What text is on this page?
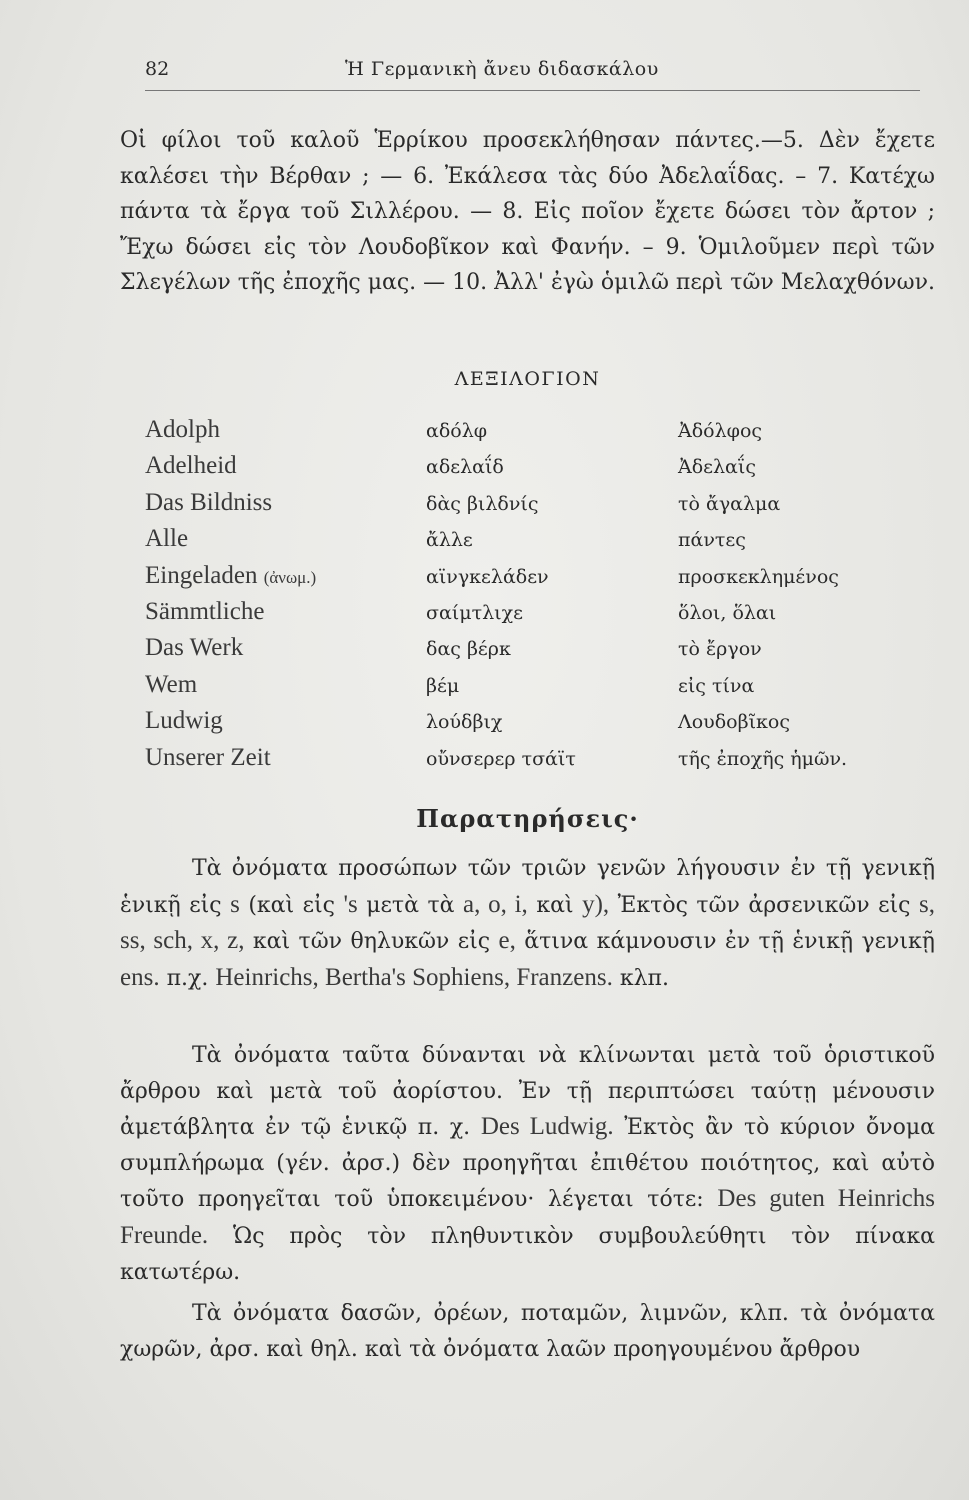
82	Ἡ Γερμανικὴ ἄνευ διδασκάλου

Οἱ φίλοι τοῦ καλοῦ Ἑρρίκου προσεκλήθησαν πάντες.—5. Δὲν ἔχετε καλέσει τὴν Βέρθαν ; — 6. Ἐκάλεσα τὰς δύο Ἀδελαΐδας. – 7. Κατέχω πάντα τὰ ἔργα τοῦ Σιλλέρου. — 8. Εἰς ποῖον ἔχετε δώσει τὸν ἄρτον ; Ἔχω δώσει εἰς τὸν Λουδοβῖκον καὶ Φανήν. – 9. Ὁμιλοῦμεν περὶ τῶν Σλεγέλων τῆς ἐποχῆς μας. — 10. Ἀλλ' ἐγὼ ὁμιλῶ περὶ τῶν Μελαχθόνων.

ΛΕΞΙΛΟΓΙΟΝ
Adolph	αδόλφ	Ἀδόλφος
Adelheid	αδελαΐδ	Ἀδελαΐς
Das Bildniss	δὰς βιλδνίς	τὸ ἄγαλμα
Alle	ἄλλε	πάντες
Eingeladen (ἀνωμ.)	αϊνγκελάδεν	προσκεκλημένος
Sämmtliche	σαίμτλιχε	ὅλοι, ὅλαι
Das Werk	δας βέρκ	τὸ ἔργον
Wem	βέμ	εἰς τίνα
Ludwig	λούδβιχ	Λουδοβῖκος
Unserer Zeit	οὔνσερερ τσάϊτ	τῆς ἐποχῆς ἡμῶν.
Παρατηρήσεις·

Τὰ ὀνόματα προσώπων τῶν τριῶν γενῶν λήγουσιν ἐν τῇ γενικῇ ἑνικῇ εἰς s (καὶ εἰς 's μετὰ τὰ a, o, i, καὶ y), Ἐκτὸς τῶν ἀρσενικῶν εἰς s, ss, sch, x, z, καὶ τῶν θηλυκῶν εἰς e, ἅτινα κάμνουσιν ἐν τῇ ἑνικῇ γενικῇ ens. π.χ. Heinrichs, Bertha's Sophiens, Franzens. κλπ.

Τὰ ὀνόματα ταῦτα δύνανται νὰ κλίνωνται μετὰ τοῦ ὁριστικοῦ ἄρθρου καὶ μετὰ τοῦ ἀορίστου. Ἐν τῇ περιπτώσει ταύτῃ μένουσιν ἀμετάβλητα ἐν τῷ ἑνικῷ π. χ. Des Ludwig. Ἐκτὸς ἂν τὸ κύριον ὄνομα συμπλήρωμα (γέν. ἀρσ.) δὲν προηγῆται ἐπιθέτου ποιότητος, καὶ αὐτὸ τοῦτο προηγεῖται τοῦ ὑποκειμένου· λέγεται τότε: Des guten Heinrichs Freunde. Ὡς πρὸς τὸν πληθυντικὸν συμβουλεύθητι τὸν πίνακα κατωτέρω.

Τὰ ὀνόματα δασῶν, ὀρέων, ποταμῶν, λιμνῶν, κλπ. τὰ ὀνόματα χωρῶν, ἀρσ. καὶ θηλ. καὶ τὰ ὀνόματα λαῶν προηγουμένου ἄρθρου
